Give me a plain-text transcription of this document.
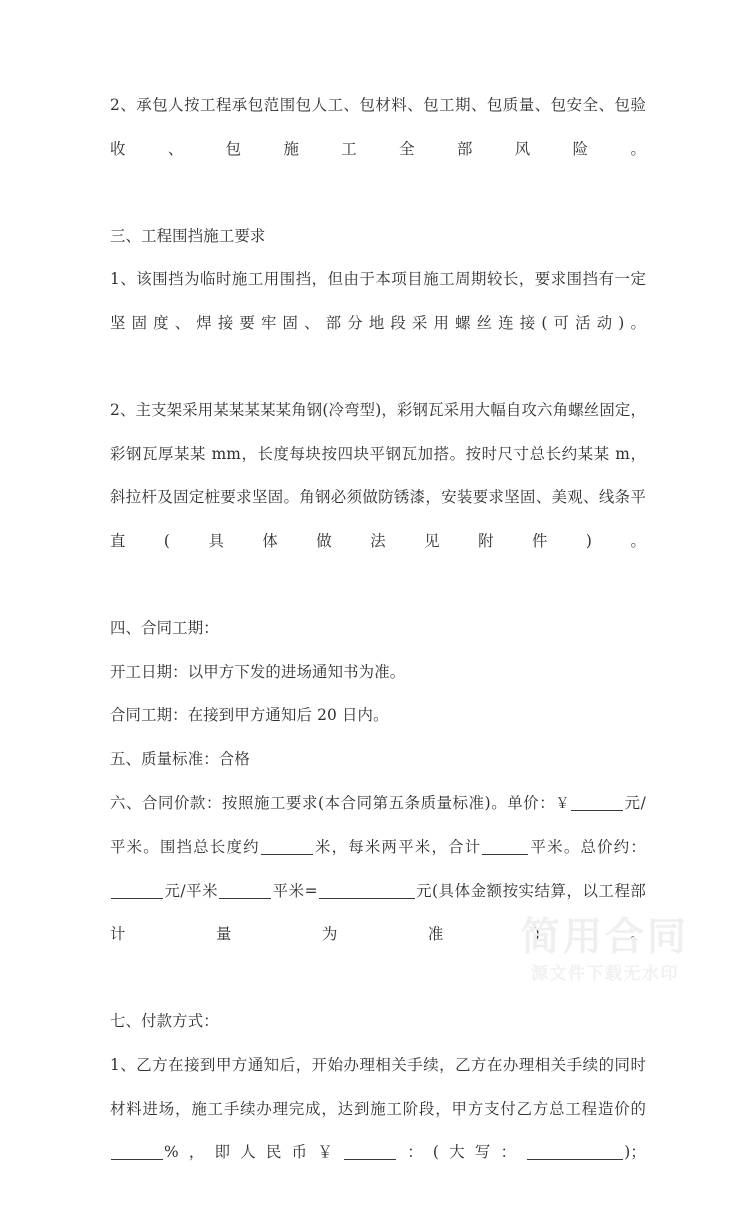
2、承包人按工程承包范围包人工、包材料、包工期、包质量、包安全、包验收、包施工全部风险。

三、工程围挡施工要求

1、该围挡为临时施工用围挡，但由于本项目施工周期较长，要求围挡有一定坚固度、焊接要牢固、部分地段采用螺丝连接(可活动)。

2、主支架采用某某某某某角钢(冷弯型)，彩钢瓦采用大幅自攻六角螺丝固定，彩钢瓦厚某某 mm，长度每块按四块平钢瓦加搭。按时尺寸总长约某某 m，斜拉杆及固定桩要求坚固。角钢必须做防锈漆，安装要求坚固、美观、线条平直(具体做法见附件)。

四、合同工期：

开工日期：以甲方下发的进场通知书为准。

合同工期：在接到甲方通知后 20 日内。

五、质量标准：合格

六、合同价款：按照施工要求(本合同第五条质量标准)。单价：￥	元/平米。围挡总长度约	米，每米两平米，合计	平米。总价约：元/平米	平米=	元(具体金额按实结算，以工程部计量为准)。

七、付款方式：

1、乙方在接到甲方通知后，开始办理相关手续，乙方在办理相关手续的同时材料进场，施工手续办理完成，达到施工阶段，甲方支付乙方总工程造价的%，即人民币￥	：(大写：	)；

简用合同
源文件下载无水印
